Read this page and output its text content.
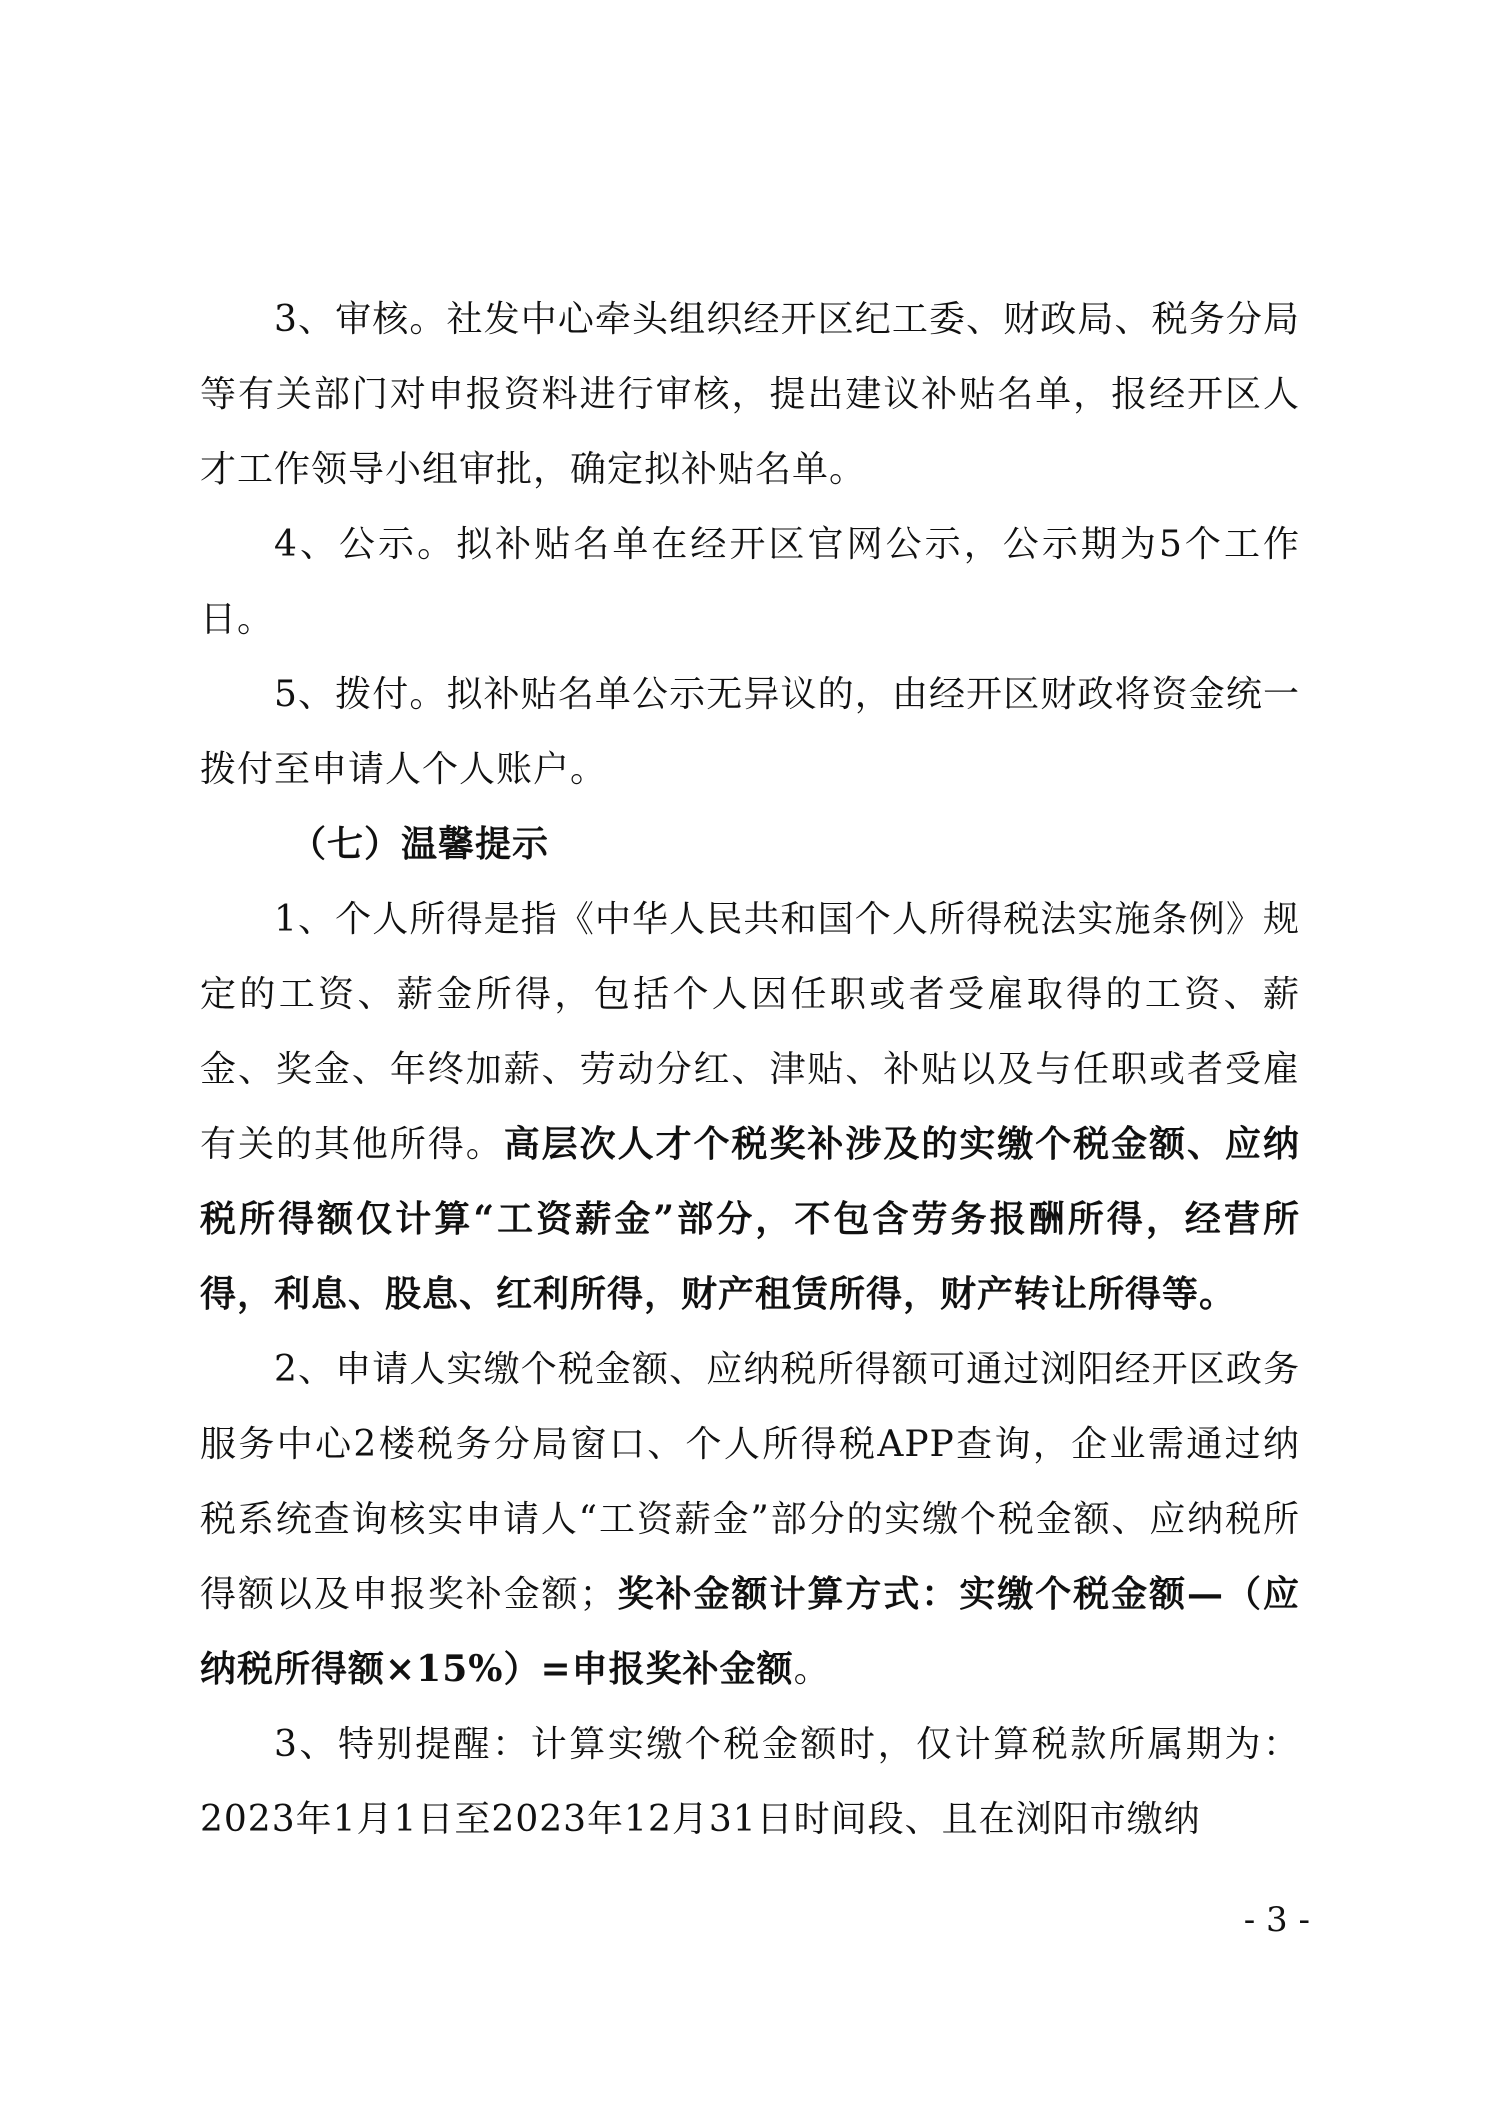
3、审核。社发中心牵头组织经开区纪工委、财政局、税务分局等有关部门对申报资料进行审核，提出建议补贴名单，报经开区人才工作领导小组审批，确定拟补贴名单。

4、公示。拟补贴名单在经开区官网公示，公示期为5个工作日。

5、拨付。拟补贴名单公示无异议的，由经开区财政将资金统一拨付至申请人个人账户。

（七）温馨提示

1、个人所得是指《中华人民共和国个人所得税法实施条例》规定的工资、薪金所得，包括个人因任职或者受雇取得的工资、薪金、奖金、年终加薪、劳动分红、津贴、补贴以及与任职或者受雇有关的其他所得。高层次人才个税奖补涉及的实缴个税金额、应纳税所得额仅计算“工资薪金”部分，不包含劳务报酬所得，经营所得，利息、股息、红利所得，财产租赁所得，财产转让所得等。

2、申请人实缴个税金额、应纳税所得额可通过浏阳经开区政务服务中心2楼税务分局窗口、个人所得税APP查询，企业需通过纳税系统查询核实申请人“工资薪金”部分的实缴个税金额、应纳税所得额以及申报奖补金额；奖补金额计算方式：实缴个税金额—（应纳税所得额×15%）=申报奖补金额。

3、特别提醒：计算实缴个税金额时，仅计算税款所属期为：2023年1月1日至2023年12月31日时间段、且在浏阳市缴纳

- 3 -
